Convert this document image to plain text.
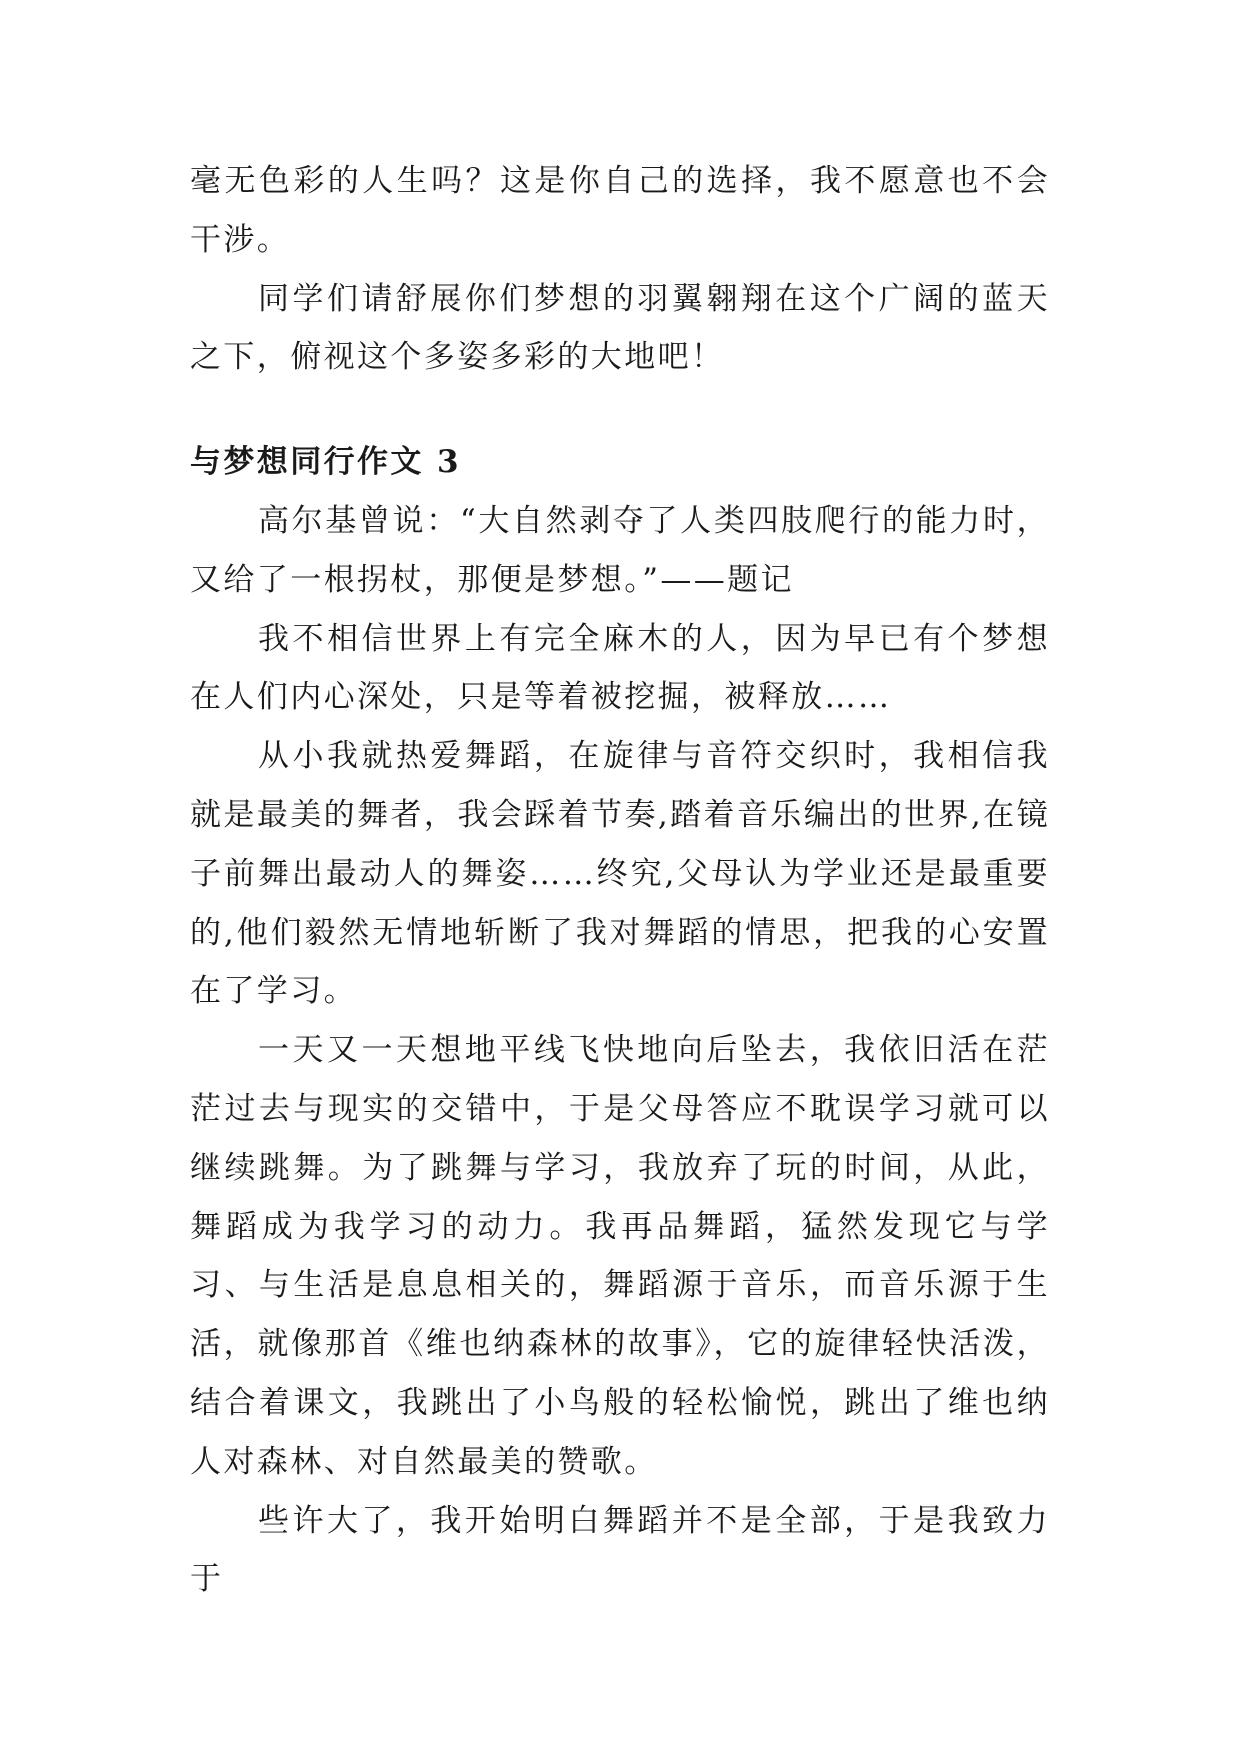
毫无色彩的人生吗？这是你自己的选择，我不愿意也不会干涉。

同学们请舒展你们梦想的羽翼翱翔在这个广阔的蓝天之下，俯视这个多姿多彩的大地吧！

与梦想同行作文 3

高尔基曾说：“大自然剥夺了人类四肢爬行的能力时，又给了一根拐杖，那便是梦想。”——题记

我不相信世界上有完全麻木的人，因为早已有个梦想在人们内心深处，只是等着被挖掘，被释放……

从小我就热爱舞蹈，在旋律与音符交织时，我相信我就是最美的舞者，我会踩着节奏,踏着音乐编出的世界,在镜子前舞出最动人的舞姿……终究,父母认为学业还是最重要的,他们毅然无情地斩断了我对舞蹈的情思，把我的心安置在了学习。

一天又一天想地平线飞快地向后坠去，我依旧活在茫茫过去与现实的交错中，于是父母答应不耽误学习就可以继续跳舞。为了跳舞与学习，我放弃了玩的时间，从此，舞蹈成为我学习的动力。我再品舞蹈，猛然发现它与学习、与生活是息息相关的，舞蹈源于音乐，而音乐源于生活，就像那首《维也纳森林的故事》，它的旋律轻快活泼，结合着课文，我跳出了小鸟般的轻松愉悦，跳出了维也纳人对森林、对自然最美的赞歌。

些许大了，我开始明白舞蹈并不是全部，于是我致力于
